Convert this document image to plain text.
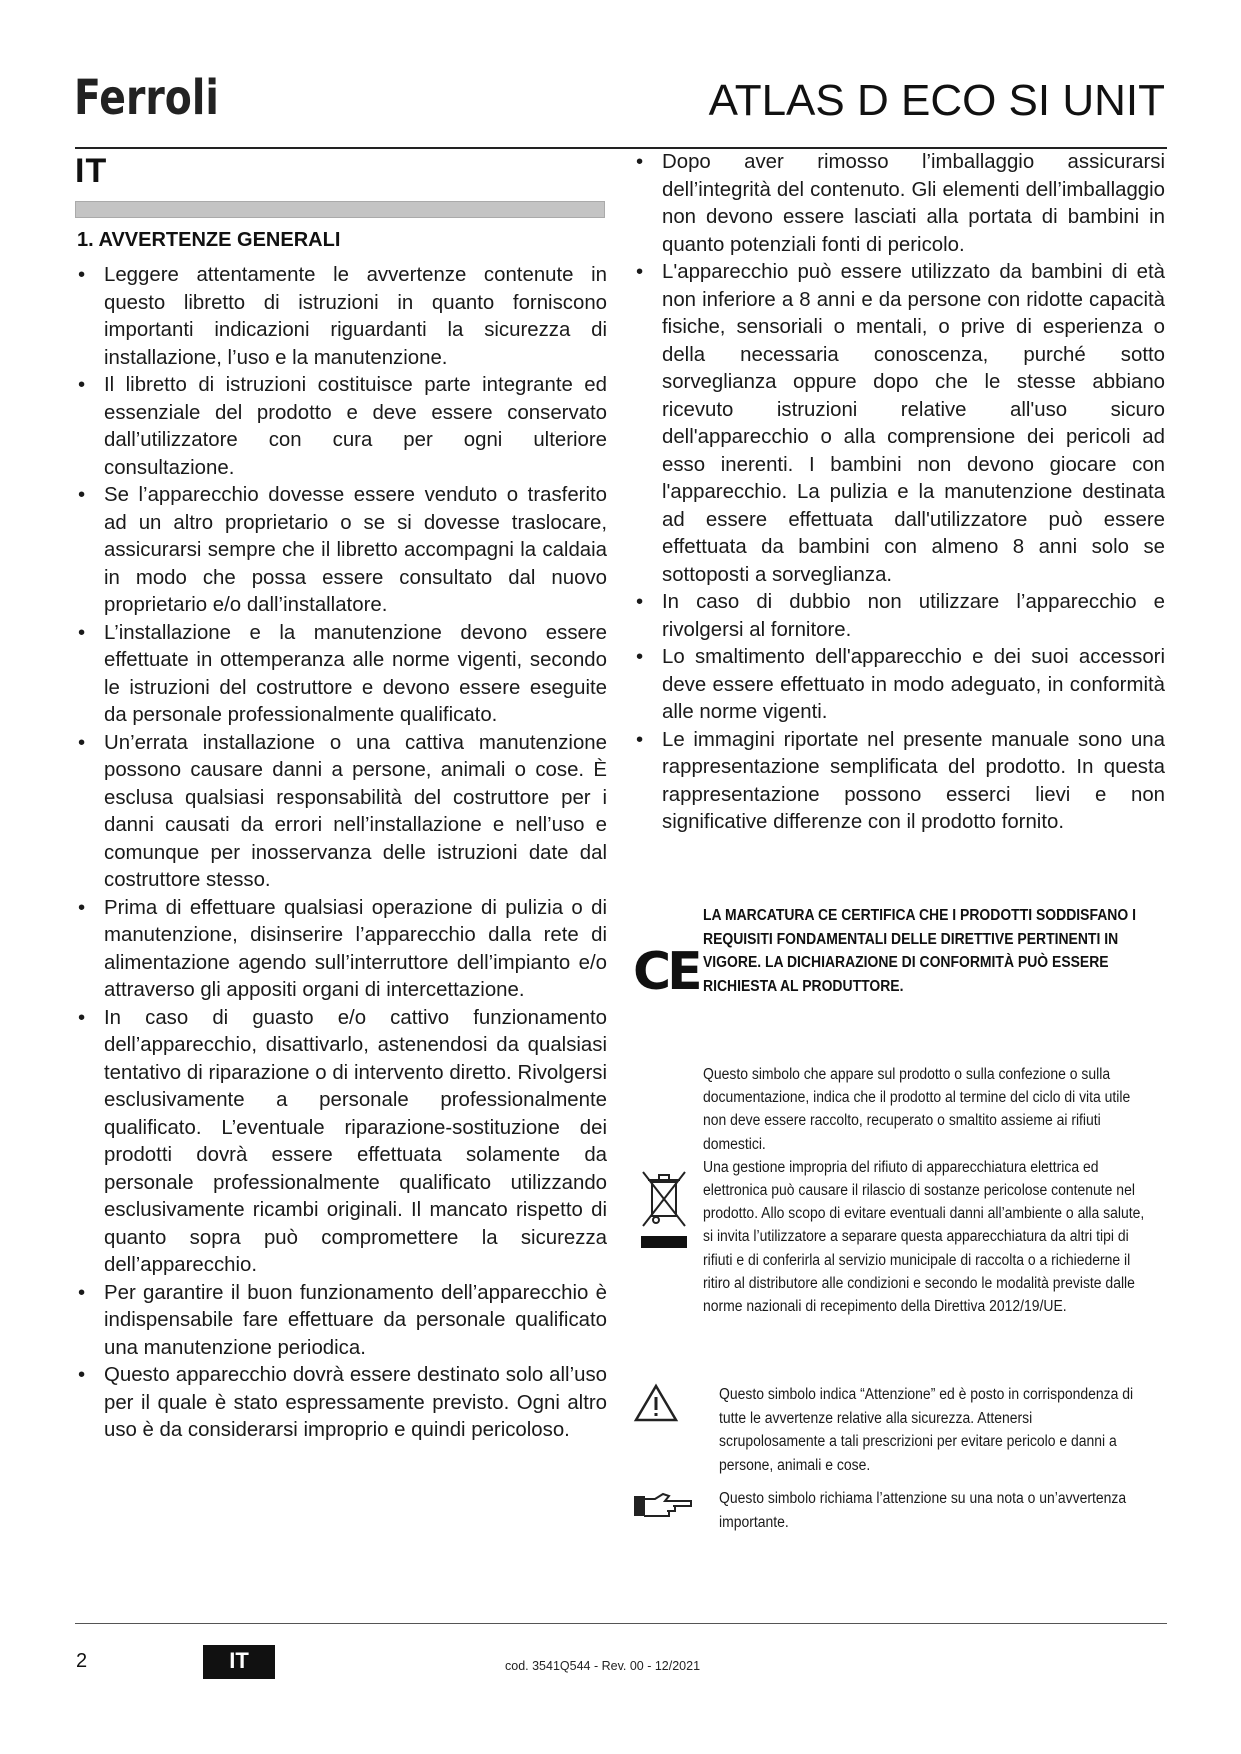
Ferroli	ATLAS D ECO SI UNIT
IT
1. AVVERTENZE GENERALI
• Leggere attentamente le avvertenze contenute in questo libretto di istruzioni in quanto forniscono importanti indicazioni riguardanti la sicurezza di installazione, l’uso e la manutenzione.
• Il libretto di istruzioni costituisce parte integrante ed essenziale del prodotto e deve essere conservato dall’utilizzatore con cura per ogni ulteriore consultazione.
• Se l’apparecchio dovesse essere venduto o trasferito ad un altro proprietario o se si dovesse traslocare, assicurarsi sempre che il libretto accompagni la caldaia in modo che possa essere consultato dal nuovo proprietario e/o dall’installatore.
• L’installazione e la manutenzione devono essere effettuate in ottemperanza alle norme vigenti, secondo le istruzioni del costruttore e devono essere eseguite da personale professionalmente qualificato.
• Un’errata installazione o una cattiva manutenzione possono causare danni a persone, animali o cose. È esclusa qualsiasi responsabilità del costruttore per i danni causati da errori nell’installazione e nell’uso e comunque per inosservanza delle istruzioni date dal costruttore stesso.
• Prima di effettuare qualsiasi operazione di pulizia o di manutenzione, disinserire l’apparecchio dalla rete di alimentazione agendo sull’interruttore dell’impianto e/o attraverso gli appositi organi di intercettazione.
• In caso di guasto e/o cattivo funzionamento dell’apparecchio, disattivarlo, astenendosi da qualsiasi tentativo di riparazione o di intervento diretto. Rivolgersi esclusivamente a personale professionalmente qualificato. L’eventuale riparazione-sostituzione dei prodotti dovrà essere effettuata solamente da personale professionalmente qualificato utilizzando esclusivamente ricambi originali. Il mancato rispetto di quanto sopra può compromettere la sicurezza dell’apparecchio.
• Per garantire il buon funzionamento dell’apparecchio è indispensabile fare effettuare da personale qualificato una manutenzione periodica.
• Questo apparecchio dovrà essere destinato solo all’uso per il quale è stato espressamente previsto. Ogni altro uso è da considerarsi improprio e quindi pericoloso.
• Dopo aver rimosso l’imballaggio assicurarsi dell’integrità del contenuto. Gli elementi dell’imballaggio non devono essere lasciati alla portata di bambini in quanto potenziali fonti di pericolo.
• L'apparecchio può essere utilizzato da bambini di età non inferiore a 8 anni e da persone con ridotte capacità fisiche, sensoriali o mentali, o prive di esperienza o della necessaria conoscenza, purché sotto sorveglianza oppure dopo che le stesse abbiano ricevuto istruzioni relative all'uso sicuro dell'apparecchio o alla comprensione dei pericoli ad esso inerenti. I bambini non devono giocare con l'apparecchio. La pulizia e la manutenzione destinata ad essere effettuata dall'utilizzatore può essere effettuata da bambini con almeno 8 anni solo se sottoposti a sorveglianza.
• In caso di dubbio non utilizzare l’apparecchio e rivolgersi al fornitore.
• Lo smaltimento dell'apparecchio e dei suoi accessori deve essere effettuato in modo adeguato, in conformità alle norme vigenti.
• Le immagini riportate nel presente manuale sono una rappresentazione semplificata del prodotto. In questa rappresentazione possono esserci lievi e non significative differenze con il prodotto fornito.
CE
LA MARCATURA CE CERTIFICA CHE I PRODOTTI SODDISFANO I REQUISITI FONDAMENTALI DELLE DIRETTIVE PERTINENTI IN VIGORE. LA DICHIARAZIONE DI CONFORMITÀ PUÒ ESSERE RICHIESTA AL PRODUTTORE.

Questo simbolo che appare sul prodotto o sulla confezione o sulla documentazione, indica che il prodotto al termine del ciclo di vita utile non deve essere raccolto, recuperato o smaltito assieme ai rifiuti domestici.

Una gestione impropria del rifiuto di apparecchiatura elettrica ed elettronica può causare il rilascio di sostanze pericolose contenute nel prodotto. Allo scopo di evitare eventuali danni all’ambiente o alla salute, si invita l’utilizzatore a separare questa apparecchiatura da altri tipi di rifiuti e di conferirla al servizio municipale di raccolta o a richiederne il ritiro al distributore alle condizioni e secondo le modalità previste dalle norme nazionali di recepimento della Direttiva 2012/19/UE.

Questo simbolo indica “Attenzione” ed è posto in corrispondenza di tutte le avvertenze relative alla sicurezza. Attenersi scrupolosamente a tali prescrizioni per evitare pericolo e danni a persone, animali e cose.
Questo simbolo richiama l’attenzione su una nota o un’avvertenza importante.
2	IT	cod. 3541Q544 - Rev. 00 - 12/2021
